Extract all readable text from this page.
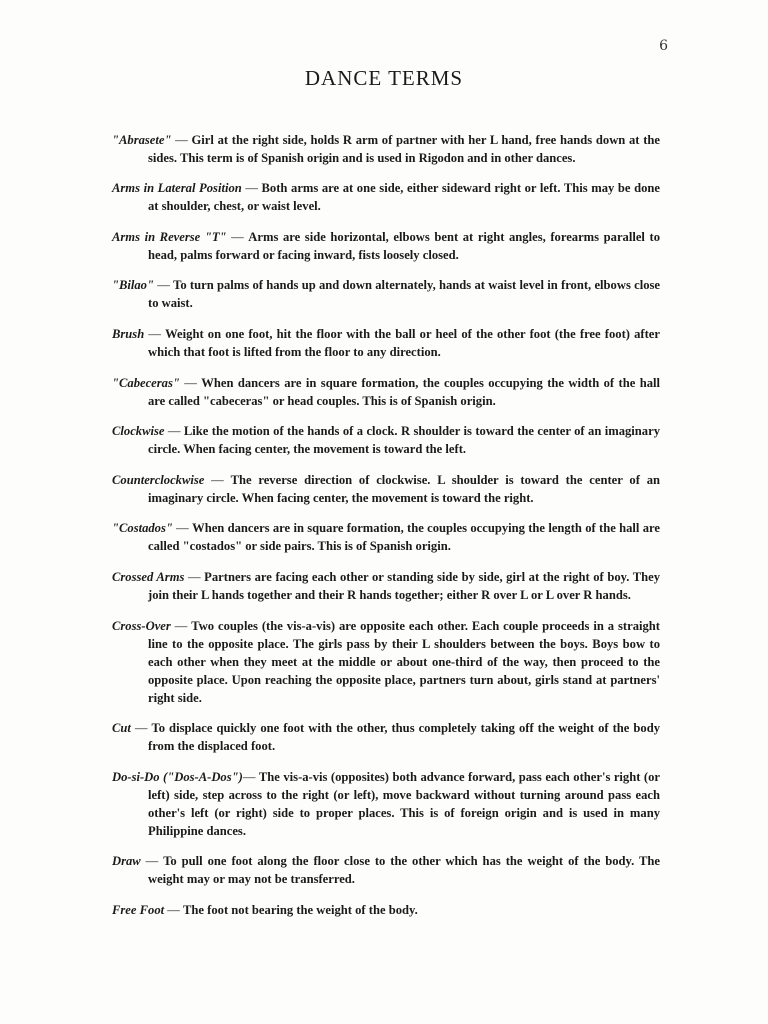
6
DANCE TERMS

"Abrasete" — Girl at the right side, holds R arm of partner with her L hand, free hands down at the sides. This term is of Spanish origin and is used in Rigodon and in other dances.

Arms in Lateral Position — Both arms are at one side, either sideward right or left. This may be done at shoulder, chest, or waist level.

Arms in Reverse "T" — Arms are side horizontal, elbows bent at right angles, forearms parallel to head, palms forward or facing inward, fists loosely closed.

"Bilao" — To turn palms of hands up and down alternately, hands at waist level in front, elbows close to waist.

Brush — Weight on one foot, hit the floor with the ball or heel of the other foot (the free foot) after which that foot is lifted from the floor to any direction.

"Cabeceras" — When dancers are in square formation, the couples occupying the width of the hall are called "cabeceras" or head couples. This is of Spanish origin.

Clockwise — Like the motion of the hands of a clock. R shoulder is toward the center of an imaginary circle. When facing center, the movement is toward the left.

Counterclockwise — The reverse direction of clockwise. L shoulder is toward the center of an imaginary circle. When facing center, the movement is toward the right.

"Costados" — When dancers are in square formation, the couples occupying the length of the hall are called "costados" or side pairs. This is of Spanish origin.

Crossed Arms — Partners are facing each other or standing side by side, girl at the right of boy. They join their L hands together and their R hands together; either R over L or L over R hands.

Cross-Over — Two couples (the vis-a-vis) are opposite each other. Each couple proceeds in a straight line to the opposite place. The girls pass by their L shoulders between the boys. Boys bow to each other when they meet at the middle or about one-third of the way, then proceed to the opposite place. Upon reaching the opposite place, partners turn about, girls stand at partners' right side.

Cut — To displace quickly one foot with the other, thus completely taking off the weight of the body from the displaced foot.

Do-si-Do ("Dos-A-Dos")— The vis-a-vis (opposites) both advance forward, pass each other's right (or left) side, step across to the right (or left), move backward without turning around pass each other's left (or right) side to proper places. This is of foreign origin and is used in many Philippine dances.

Draw — To pull one foot along the floor close to the other which has the weight of the body. The weight may or may not be transferred.

Free Foot — The foot not bearing the weight of the body.
